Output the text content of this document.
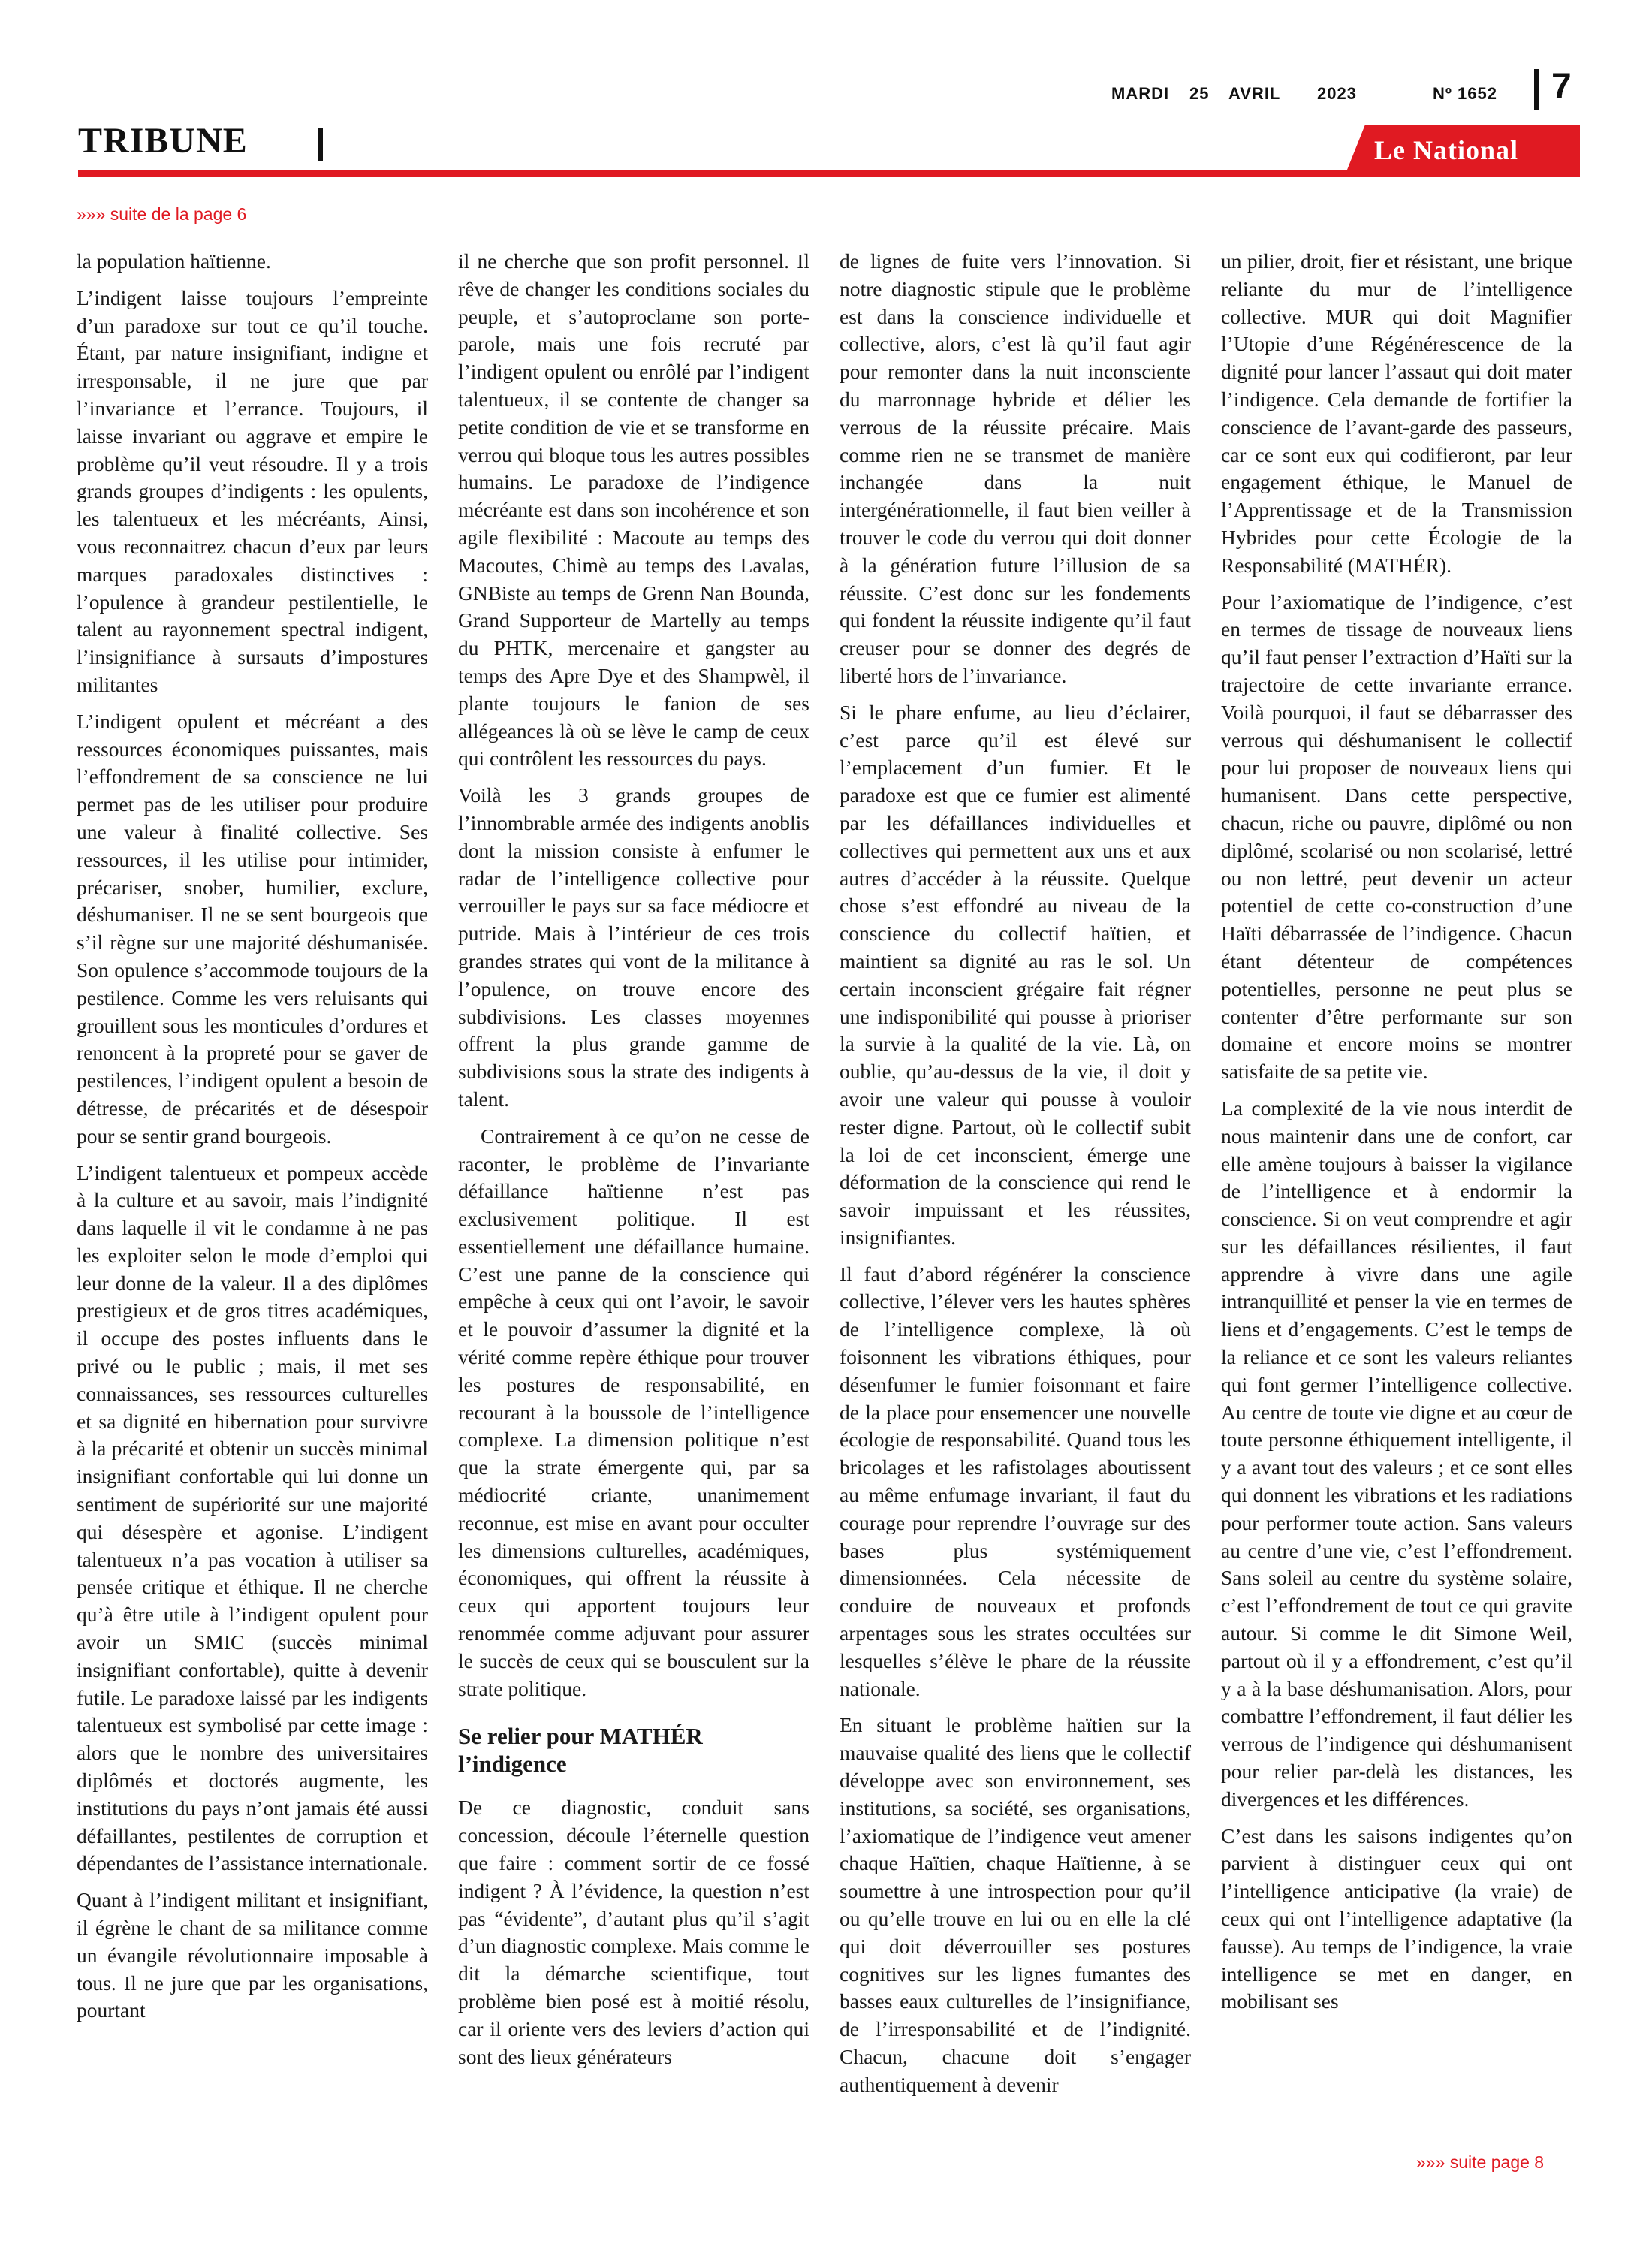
MARDI 25 AVRIL 2023	Nº 1652 7
TRIBUNE	Le National
»»» suite de la page 6

la population haïtienne.

L’indigent laisse toujours l’empreinte d’un paradoxe sur tout ce qu’il touche. Étant, par nature insignifiant, indigne et irresponsable, il ne jure que par l’invariance et l’errance. Toujours, il laisse invariant ou aggrave et empire le problème qu’il veut résoudre. Il y a trois grands groupes d’indigents : les opulents, les talentueux et les mécréants, Ainsi, vous reconnaitrez chacun d’eux par leurs marques paradoxales distinctives : l’opulence à grandeur pestilentielle, le talent au rayonnement spectral indigent, l’insignifiance à sursauts d’impostures militantes

L’indigent opulent et mécréant a des ressources économiques puissantes, mais l’effondrement de sa conscience ne lui permet pas de les utiliser pour produire une valeur à finalité collective. Ses ressources, il les utilise pour intimider, précariser, snober, humilier, exclure, déshumaniser. Il ne se sent bourgeois que s’il règne sur une majorité déshumanisée. Son opulence s’accommode toujours de la pestilence. Comme les vers reluisants qui grouillent sous les monticules d’ordures et renoncent à la propreté pour se gaver de pestilences, l’indigent opulent a besoin de détresse, de précarités et de désespoir pour se sentir grand bourgeois.

L’indigent talentueux et pompeux accède à la culture et au savoir, mais l’indignité dans laquelle il vit le condamne à ne pas les exploiter selon le mode d’emploi qui leur donne de la valeur. Il a des diplômes prestigieux et de gros titres académiques, il occupe des postes influents dans le privé ou le public ; mais, il met ses connaissances, ses ressources culturelles et sa dignité en hibernation pour survivre à la précarité et obtenir un succès minimal insignifiant confortable qui lui donne un sentiment de supériorité sur une majorité qui désespère et agonise. L’indigent talentueux n’a pas vocation à utiliser sa pensée critique et éthique. Il ne cherche qu’à être utile à l’indigent opulent pour avoir un SMIC (succès minimal insignifiant confortable), quitte à devenir futile. Le paradoxe laissé par les indigents talentueux est symbolisé par cette image : alors que le nombre des universitaires diplômés et doctorés augmente, les institutions du pays n’ont jamais été aussi défaillantes, pestilentes de corruption et dépendantes de l’assistance internationale.

Quant à l’indigent militant et insignifiant, il égrène le chant de sa militance comme un évangile révolutionnaire imposable à tous. Il ne jure que par les organisations, pourtant

il ne cherche que son profit personnel. Il rêve de changer les conditions sociales du peuple, et s’autoproclame son porte-parole, mais une fois recruté par l’indigent opulent ou enrôlé par l’indigent talentueux, il se contente de changer sa petite condition de vie et se transforme en verrou qui bloque tous les autres possibles humains. Le paradoxe de l’indigence mécréante est dans son incohérence et son agile flexibilité : Macoute au temps des Macoutes, Chimè au temps des Lavalas, GNBiste au temps de Grenn Nan Bounda, Grand Supporteur de Martelly au temps du PHTK, mercenaire et gangster au temps des Apre Dye et des Shampwèl, il plante toujours le fanion de ses allégeances là où se lève le camp de ceux qui contrôlent les ressources du pays.

Voilà les 3 grands groupes de l’innombrable armée des indigents anoblis dont la mission consiste à enfumer le radar de l’intelligence collective pour verrouiller le pays sur sa face médiocre et putride. Mais à l’intérieur de ces trois grandes strates qui vont de la militance à l’opulence, on trouve encore des subdivisions. Les classes moyennes offrent la plus grande gamme de subdivisions sous la strate des indigents à talent.

Contrairement à ce qu’on ne cesse de raconter, le problème de l’invariante défaillance haïtienne n’est pas exclusivement politique. Il est essentiellement une défaillance humaine. C’est une panne de la conscience qui empêche à ceux qui ont l’avoir, le savoir et le pouvoir d’assumer la dignité et la vérité comme repère éthique pour trouver les postures de responsabilité, en recourant à la boussole de l’intelligence complexe. La dimension politique n’est que la strate émergente qui, par sa médiocrité criante, unanimement reconnue, est mise en avant pour occulter les dimensions culturelles, académiques, économiques, qui offrent la réussite à ceux qui apportent toujours leur renommée comme adjuvant pour assurer le succès de ceux qui se bousculent sur la strate politique.

Se relier pour MATHÉR l’indigence

De ce diagnostic, conduit sans concession, découle l’éternelle question que faire : comment sortir de ce fossé indigent ? À l’évidence, la question n’est pas “évidente”, d’autant plus qu’il s’agit d’un diagnostic complexe. Mais comme le dit la démarche scientifique, tout problème bien posé est à moitié résolu, car il oriente vers des leviers d’action qui sont des lieux générateurs

de lignes de fuite vers l’innovation. Si notre diagnostic stipule que le problème est dans la conscience individuelle et collective, alors, c’est là qu’il faut agir pour remonter dans la nuit inconsciente du marronnage hybride et délier les verrous de la réussite précaire. Mais comme rien ne se transmet de manière inchangée dans la nuit intergénérationnelle, il faut bien veiller à trouver le code du verrou qui doit donner à la génération future l’illusion de sa réussite. C’est donc sur les fondements qui fondent la réussite indigente qu’il faut creuser pour se donner des degrés de liberté hors de l’invariance.

Si le phare enfume, au lieu d’éclairer, c’est parce qu’il est élevé sur l’emplacement d’un fumier. Et le paradoxe est que ce fumier est alimenté par les défaillances individuelles et collectives qui permettent aux uns et aux autres d’accéder à la réussite. Quelque chose s’est effondré au niveau de la conscience du collectif haïtien, et maintient sa dignité au ras le sol. Un certain inconscient grégaire fait régner une indisponibilité qui pousse à prioriser la survie à la qualité de la vie. Là, on oublie, qu’au-dessus de la vie, il doit y avoir une valeur qui pousse à vouloir rester digne. Partout, où le collectif subit la loi de cet inconscient, émerge une déformation de la conscience qui rend le savoir impuissant et les réussites, insignifiantes.

Il faut d’abord régénérer la conscience collective, l’élever vers les hautes sphères de l’intelligence complexe, là où foisonnent les vibrations éthiques, pour désenfumer le fumier foisonnant et faire de la place pour ensemencer une nouvelle écologie de responsabilité. Quand tous les bricolages et les rafistolages aboutissent au même enfumage invariant, il faut du courage pour reprendre l’ouvrage sur des bases plus systémiquement dimensionnées. Cela nécessite de conduire de nouveaux et profonds arpentages sous les strates occultées sur lesquelles s’élève le phare de la réussite nationale.

En situant le problème haïtien sur la mauvaise qualité des liens que le collectif développe avec son environnement, ses institutions, sa société, ses organisations, l’axiomatique de l’indigence veut amener chaque Haïtien, chaque Haïtienne, à se soumettre à une introspection pour qu’il ou qu’elle trouve en lui ou en elle la clé qui doit déverrouiller ses postures cognitives sur les lignes fumantes des basses eaux culturelles de l’insignifiance, de l’irresponsabilité et de l’indignité. Chacun, chacune doit s’engager authentiquement à devenir

un pilier, droit, fier et résistant, une brique reliante du mur de l’intelligence collective. MUR qui doit Magnifier l’Utopie d’une Régénérescence de la dignité pour lancer l’assaut qui doit mater l’indigence. Cela demande de fortifier la conscience de l’avant-garde des passeurs, car ce sont eux qui codifieront, par leur engagement éthique, le Manuel de l’Apprentissage et de la Transmission Hybrides pour cette Écologie de la Responsabilité (MATHÉR).

Pour l’axiomatique de l’indigence, c’est en termes de tissage de nouveaux liens qu’il faut penser l’extraction d’Haïti sur la trajectoire de cette invariante errance. Voilà pourquoi, il faut se débarrasser des verrous qui déshumanisent le collectif pour lui proposer de nouveaux liens qui humanisent. Dans cette perspective, chacun, riche ou pauvre, diplômé ou non diplômé, scolarisé ou non scolarisé, lettré ou non lettré, peut devenir un acteur potentiel de cette co-construction d’une Haïti débarrassée de l’indigence. Chacun étant détenteur de compétences potentielles, personne ne peut plus se contenter d’être performante sur son domaine et encore moins se montrer satisfaite de sa petite vie.

La complexité de la vie nous interdit de nous maintenir dans une de confort, car elle amène toujours à baisser la vigilance de l’intelligence et à endormir la conscience. Si on veut comprendre et agir sur les défaillances résilientes, il faut apprendre à vivre dans une agile intranquillité et penser la vie en termes de liens et d’engagements. C’est le temps de la reliance et ce sont les valeurs reliantes qui font germer l’intelligence collective. Au centre de toute vie digne et au cœur de toute personne éthiquement intelligente, il y a avant tout des valeurs ; et ce sont elles qui donnent les vibrations et les radiations pour performer toute action. Sans valeurs au centre d’une vie, c’est l’effondrement. Sans soleil au centre du système solaire, c’est l’effondrement de tout ce qui gravite autour. Si comme le dit Simone Weil, partout où il y a effondrement, c’est qu’il y a à la base déshumanisation. Alors, pour combattre l’effondrement, il faut délier les verrous de l’indigence qui déshumanisent pour relier par-delà les distances, les divergences et les différences.

C’est dans les saisons indigentes qu’on parvient à distinguer ceux qui ont l’intelligence anticipative (la vraie) de ceux qui ont l’intelligence adaptative (la fausse). Au temps de l’indigence, la vraie intelligence se met en danger, en mobilisant ses

»»» suite page 8
